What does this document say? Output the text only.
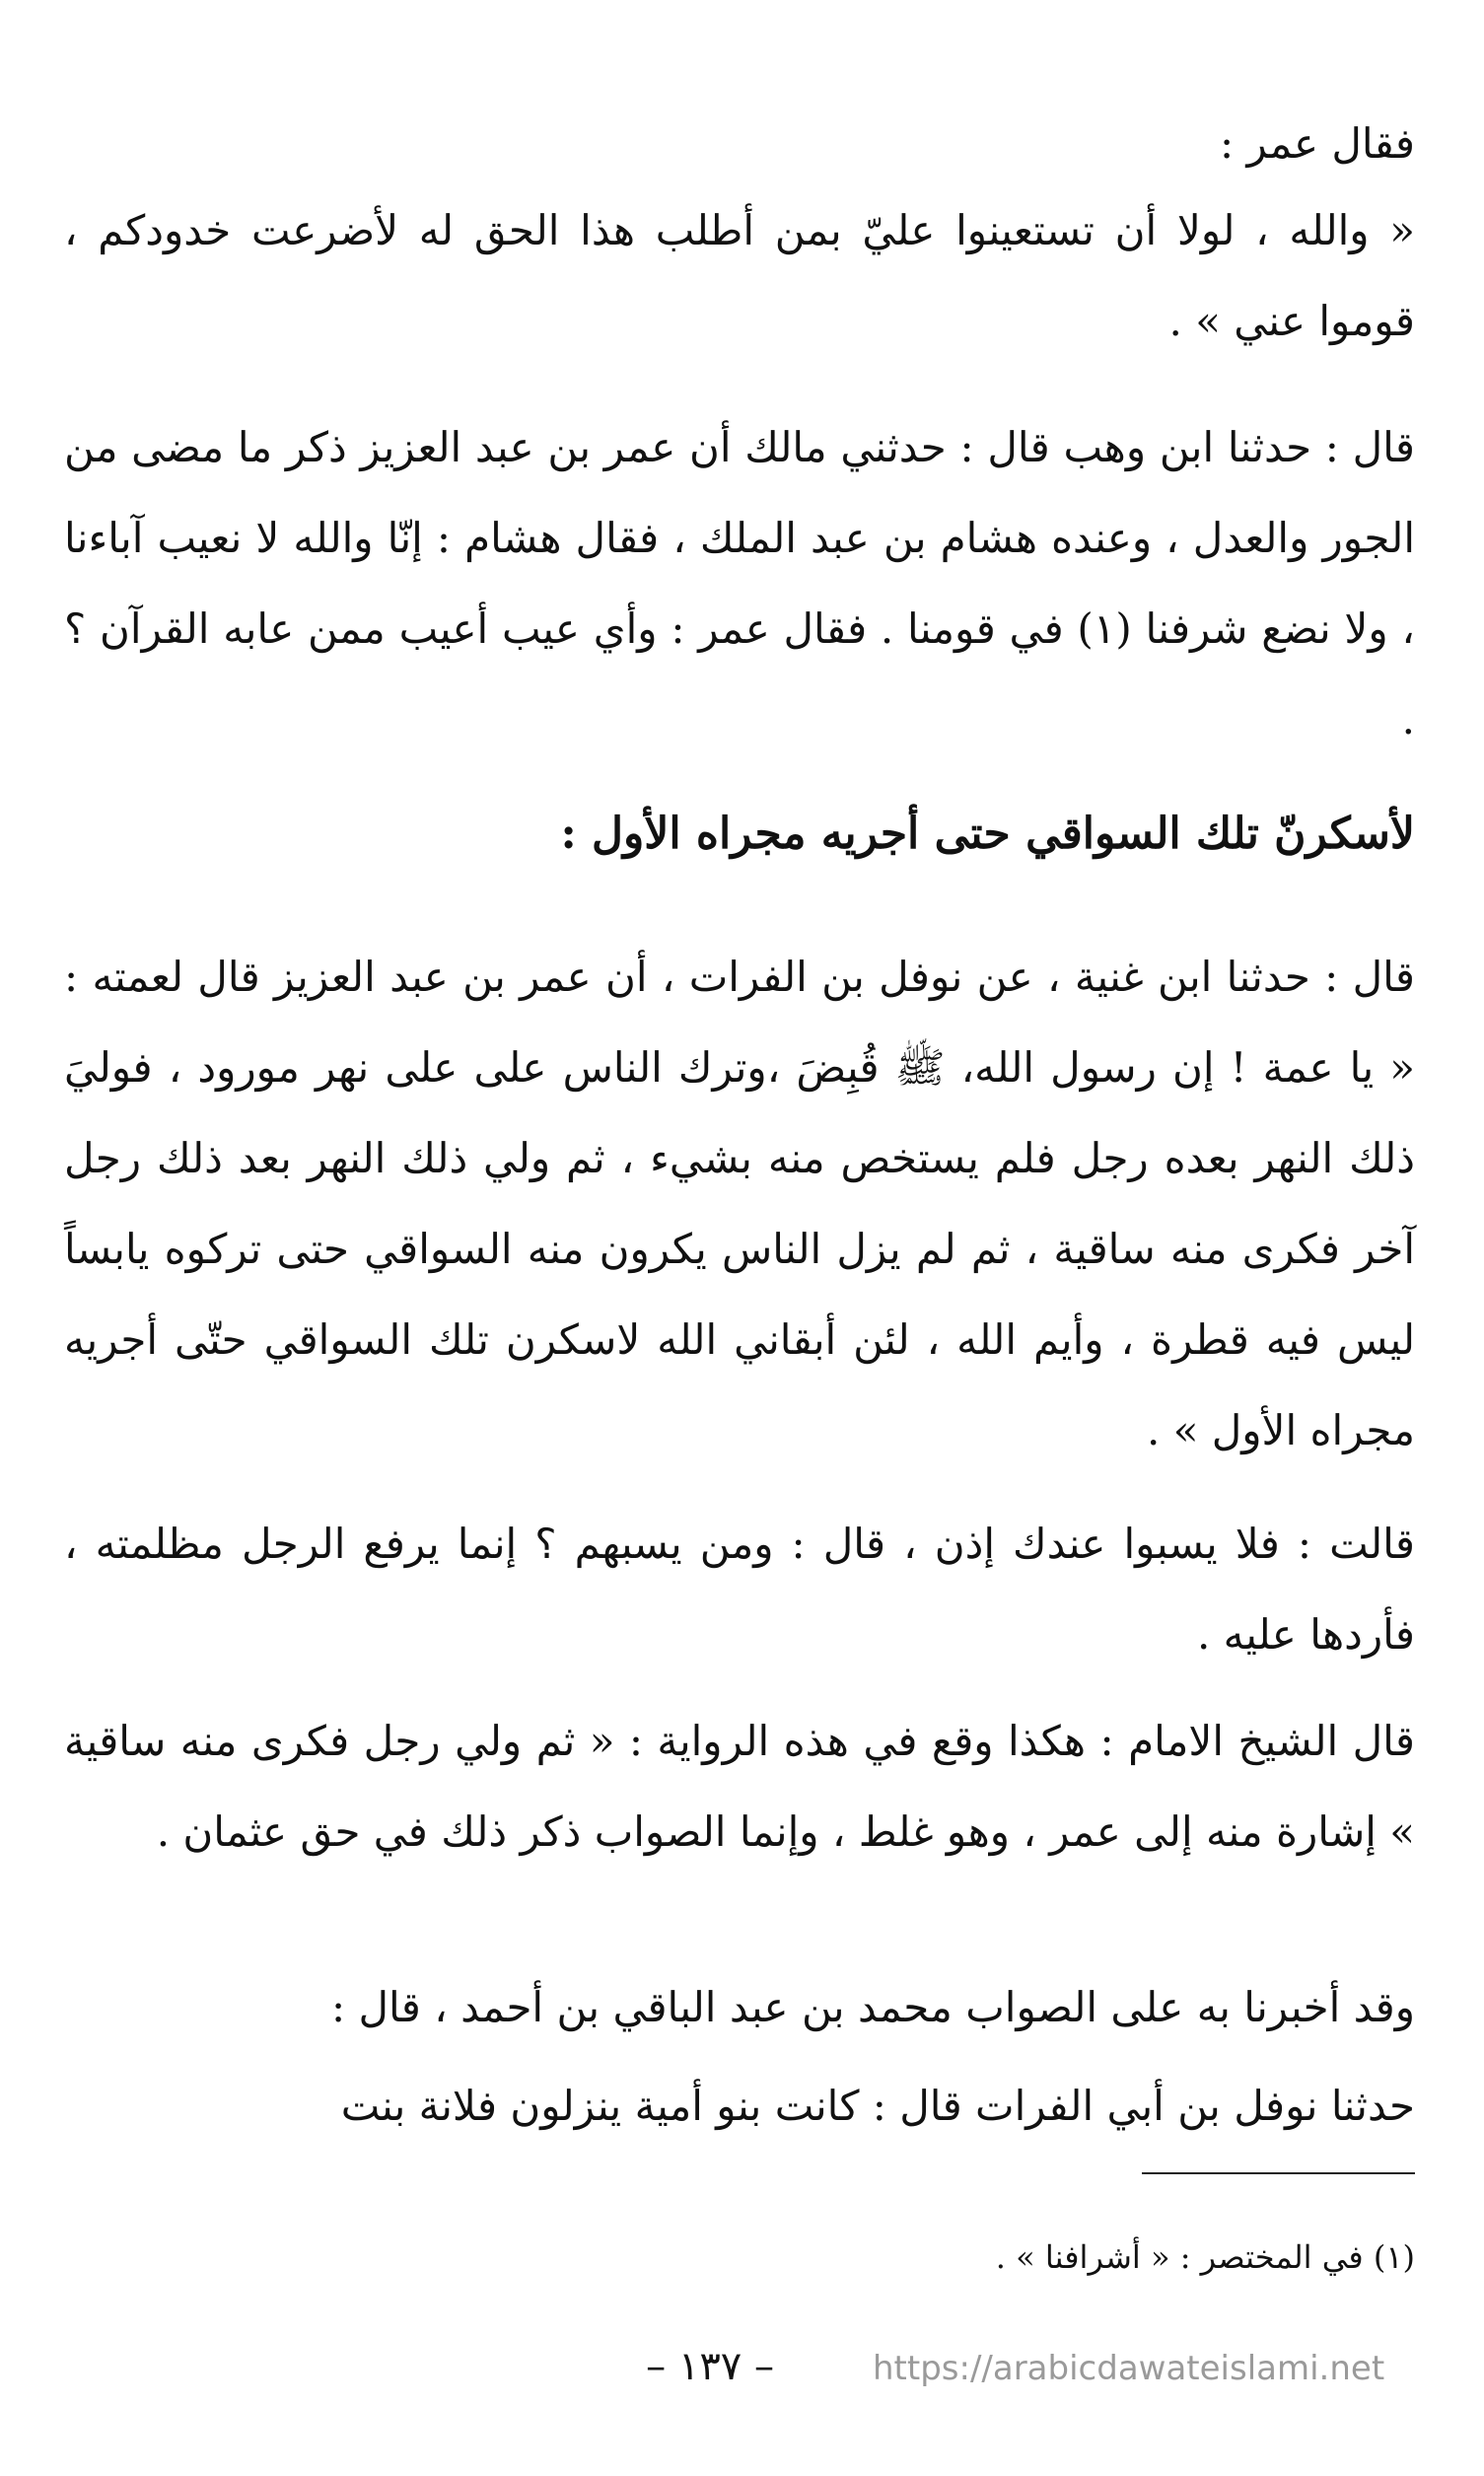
فقال عمر :

« والله ، لولا أن تستعينوا عليّ بمن أطلب هذا الحق له لأضرعت خدودكم ، قوموا عني » .

قال : حدثنا ابن وهب قال : حدثني مالك أن عمر بن عبد العزيز ذكر ما مضى من الجور والعدل ، وعنده هشام بن عبد الملك ، فقال هشام : إنّا والله لا نعيب آباءنا ، ولا نضع شرفنا (١) في قومنا . فقال عمر : وأي عيب أعيب ممن عابه القرآن ؟ .

لأسكرنّ تلك السواقي حتى أجريه مجراه الأول :

قال : حدثنا ابن غنية ، عن نوفل بن الفرات ، أن عمر بن عبد العزيز قال لعمته : « يا عمة ! إن رسول الله، ﷺ قُبِضَ ،وترك الناس على على نهر مورود ، فوليَ ذلك النهر بعده رجل فلم يستخص منه بشيء ، ثم ولي ذلك النهر بعد ذلك رجل آخر فكرى منه ساقية ، ثم لم يزل الناس يكرون منه السواقي حتى تركوه يابساً ليس فيه قطرة ، وأيم الله ، لئن أبقاني الله لاسكرن تلك السواقي حتّى أجريه مجراه الأول » .

قالت : فلا يسبوا عندك إذن ، قال : ومن يسبهم ؟ إنما يرفع الرجل مظلمته ، فأردها عليه .

قال الشيخ الامام : هكذا وقع في هذه الرواية : « ثم ولي رجل فكرى منه ساقية » إشارة منه إلى عمر ، وهو غلط ، وإنما الصواب ذكر ذلك في حق عثمان .

وقد أخبرنا به على الصواب محمد بن عبد الباقي بن أحمد ، قال :

حدثنا نوفل بن أبي الفرات قال : كانت بنو أمية ينزلون فلانة بنت

(١) في المختصر : « أشرافنا » .

– ١٣٧ –	https://arabicdawateislami.net
